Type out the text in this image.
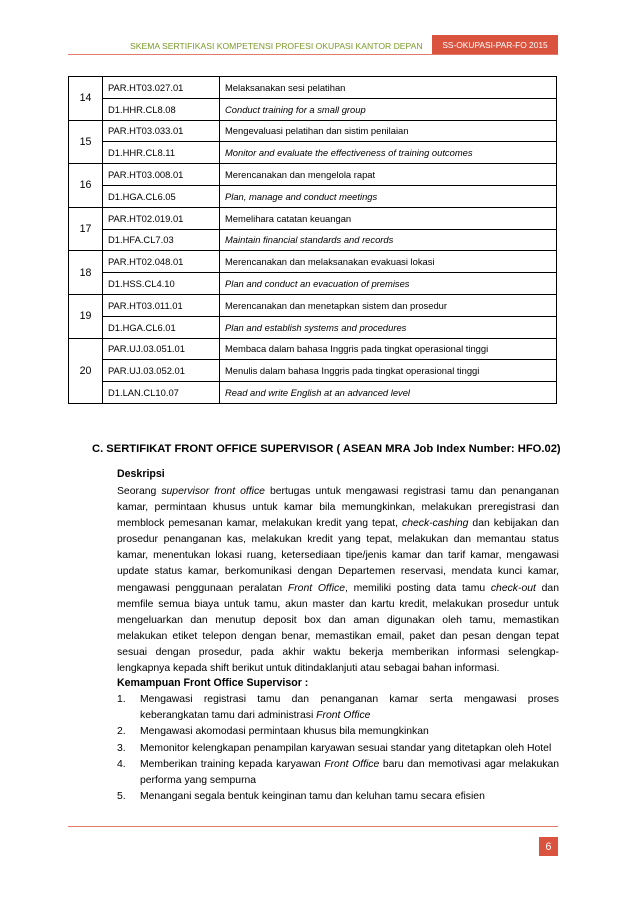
SKEMA SERTIFIKASI KOMPETENSI PROFESI OKUPASI KANTOR DEPAN	SS-OKUPASI-PAR-FO 2015
14	PAR.HT03.027.01	Melaksanakan sesi pelatihan
	D1.HHR.CL8.08	Conduct training for a small group
15	PAR.HT03.033.01	Mengevaluasi pelatihan dan sistim penilaian
	D1.HHR.CL8.11	Monitor and evaluate the effectiveness of training outcomes
16	PAR.HT03.008.01	Merencanakan dan mengelola rapat
	D1.HGA.CL6.05	Plan, manage and conduct meetings
17	PAR.HT02.019.01	Memelihara catatan keuangan
	D1.HFA.CL7.03	Maintain financial standards and records
18	PAR.HT02.048.01	Merencanakan dan melaksanakan evakuasi lokasi
	D1.HSS.CL4.10	Plan and conduct an evacuation of premises
19	PAR.HT03.011.01	Merencanakan dan menetapkan sistem dan prosedur
	D1.HGA.CL6.01	Plan and establish systems and procedures
20	PAR.UJ.03.051.01	Membaca dalam bahasa Inggris pada tingkat operasional tinggi
	PAR.UJ.03.052.01	Menulis dalam bahasa Inggris pada tingkat operasional tinggi
	D1.LAN.CL10.07	Read and write English at an advanced level
C. SERTIFIKAT FRONT OFFICE SUPERVISOR ( ASEAN MRA Job Index Number: HFO.02)
Deskripsi
Seorang supervisor front office bertugas untuk mengawasi registrasi tamu dan penanganan
kamar, permintaan khusus untuk kamar bila memungkinkan, melakukan preregistrasi dan
memblock pemesanan kamar, melakukan kredit yang tepat, check-cashing dan kebijakan dan
prosedur penanganan kas, melakukan kredit yang tepat, melakukan dan memantau status
kamar, menentukan lokasi ruang, ketersediaan tipe/jenis kamar dan tarif kamar, mengawasi
update status kamar, berkomunikasi dengan Departemen reservasi, mendata kunci kamar,
mengawasi penggunaan peralatan Front Office, memiliki posting data tamu check-out dan
memfile semua biaya untuk tamu, akun master dan kartu kredit, melakukan prosedur untuk
mengeluarkan dan menutup deposit box dan aman digunakan oleh tamu, memastikan
melakukan etiket telepon dengan benar, memastikan email, paket dan pesan dengan tepat
sesuai dengan prosedur, pada akhir waktu bekerja memberikan informasi selengkap-
lengkapnya kepada shift berikut untuk ditindaklanjuti atau sebagai bahan informasi.
Kemampuan Front Office Supervisor :
1. Mengawasi registrasi tamu dan penanganan kamar serta mengawasi proses
keberangkatan tamu dari administrasi Front Office
2. Mengawasi akomodasi permintaan khusus bila memungkinkan
3. Memonitor kelengkapan penampilan karyawan sesuai standar yang ditetapkan oleh Hotel
4. Memberikan training kepada karyawan Front Office baru dan memotivasi agar melakukan
performa yang sempurna
5. Menangani segala bentuk keinginan tamu dan keluhan tamu secara efisien
6
